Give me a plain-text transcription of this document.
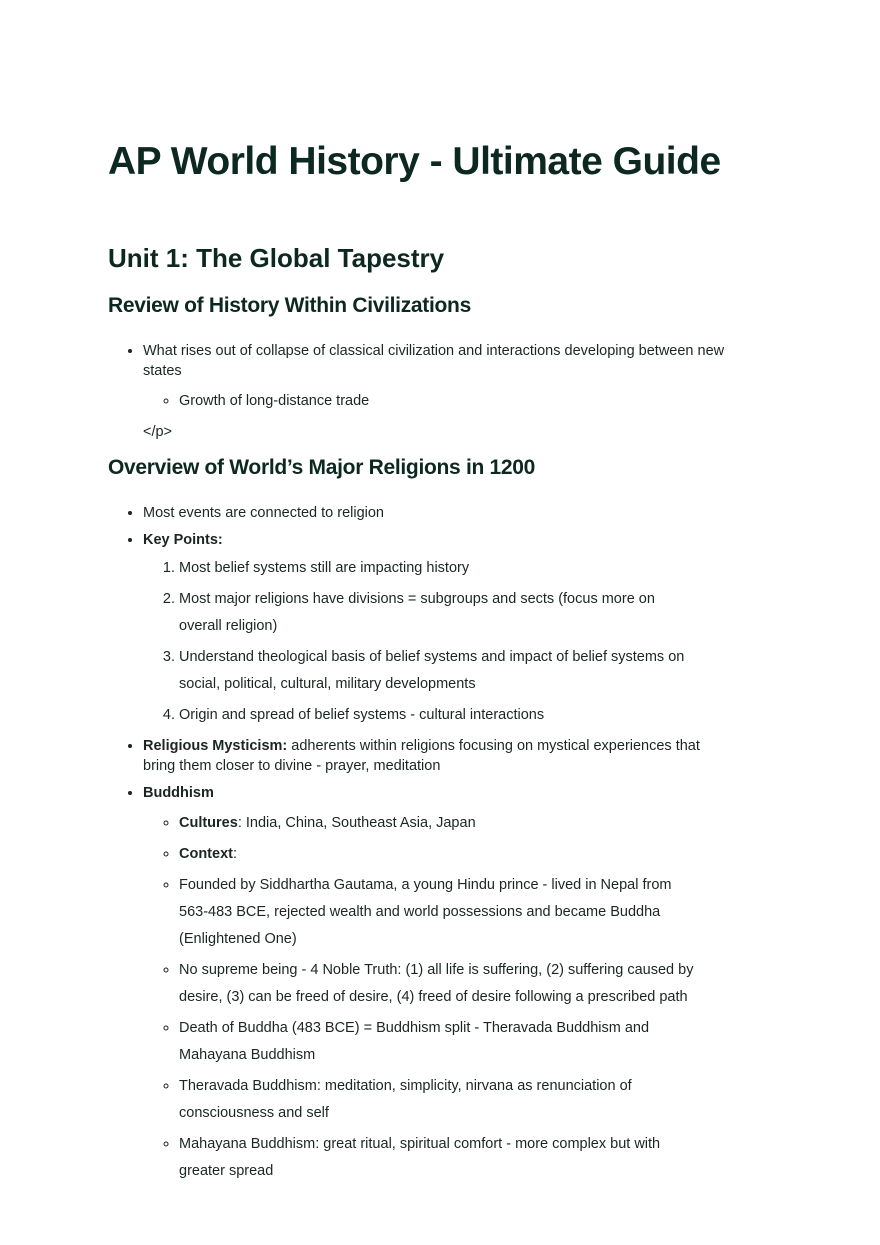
AP World History - Ultimate Guide
Unit 1: The Global Tapestry
Review of History Within Civilizations
• What rises out of collapse of classical civilization and interactions developing between new states
◦ Growth of long-distance trade
</p>
Overview of World’s Major Religions in 1200
• Most events are connected to religion
• Key Points:
1. Most belief systems still are impacting history
2. Most major religions have divisions = subgroups and sects (focus more on overall religion)
3. Understand theological basis of belief systems and impact of belief systems on social, political, cultural, military developments
4. Origin and spread of belief systems - cultural interactions
• Religious Mysticism: adherents within religions focusing on mystical experiences that bring them closer to divine - prayer, meditation
• Buddhism
◦ Cultures: India, China, Southeast Asia, Japan
◦ Context:
◦ Founded by Siddhartha Gautama, a young Hindu prince - lived in Nepal from 563-483 BCE, rejected wealth and world possessions and became Buddha (Enlightened One)
◦ No supreme being - 4 Noble Truth: (1) all life is suffering, (2) suffering caused by desire, (3) can be freed of desire, (4) freed of desire following a prescribed path
◦ Death of Buddha (483 BCE) = Buddhism split - Theravada Buddhism and Mahayana Buddhism
◦ Theravada Buddhism: meditation, simplicity, nirvana as renunciation of consciousness and self
◦ Mahayana Buddhism: great ritual, spiritual comfort - more complex but with greater spread
